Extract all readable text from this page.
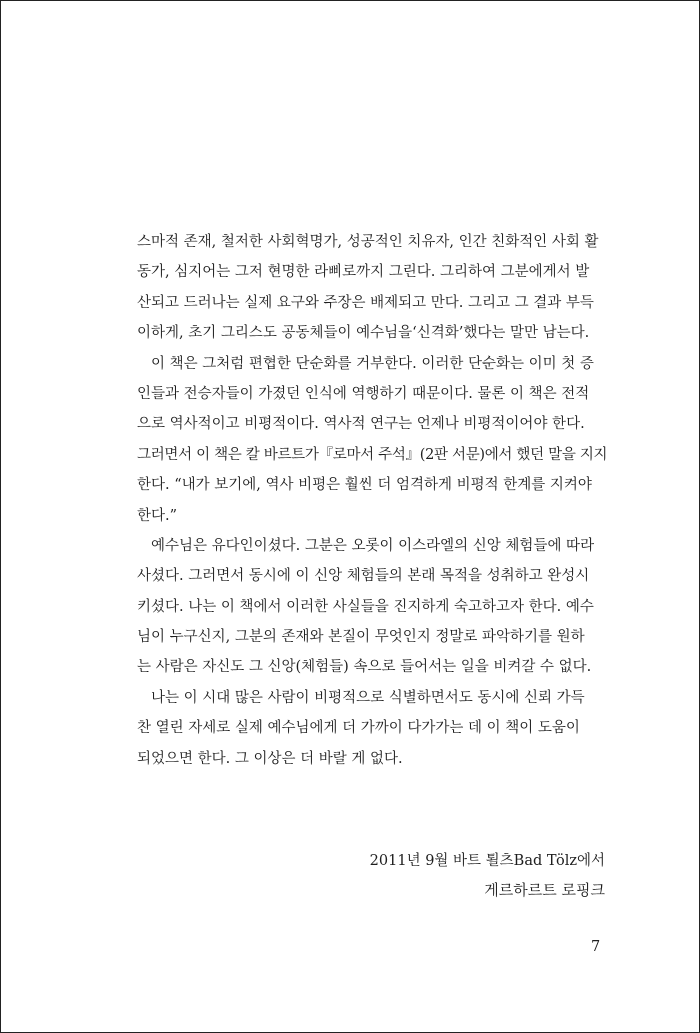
스마적 존재, 철저한 사회혁명가, 성공적인 치유자, 인간 친화적인 사회 활
동가, 심지어는 그저 현명한 라삐로까지 그린다. 그리하여 그분에게서 발
산되고 드러나는 실제 요구와 주장은 배제되고 만다. 그리고 그 결과 부득
이하게, 초기 그리스도 공동체들이 예수님을‘신격화’했다는 말만 남는다.
이 책은 그처럼 편협한 단순화를 거부한다. 이러한 단순화는 이미 첫 증
인들과 전승자들이 가졌던 인식에 역행하기 때문이다. 물론 이 책은 전적
으로 역사적이고 비평적이다. 역사적 연구는 언제나 비평적이어야 한다.
그러면서 이 책은 칼 바르트가『로마서 주석』(2판 서문)에서 했던 말을 지지
한다. “내가 보기에, 역사 비평은 훨씬 더 엄격하게 비평적 한계를 지켜야
한다.”
예수님은 유다인이셨다. 그분은 오롯이 이스라엘의 신앙 체험들에 따라
사셨다. 그러면서 동시에 이 신앙 체험들의 본래 목적을 성취하고 완성시
키셨다. 나는 이 책에서 이러한 사실들을 진지하게 숙고하고자 한다. 예수
님이 누구신지, 그분의 존재와 본질이 무엇인지 정말로 파악하기를 원하
는 사람은 자신도 그 신앙(체험들) 속으로 들어서는 일을 비켜갈 수 없다.
나는 이 시대 많은 사람이 비평적으로 식별하면서도 동시에 신뢰 가득
찬 열린 자세로 실제 예수님에게 더 가까이 다가가는 데 이 책이 도움이
되었으면 한다. 그 이상은 더 바랄 게 없다.
2011년 9월 바트 퇼츠Bad Tölz에서
게르하르트 로핑크
7
